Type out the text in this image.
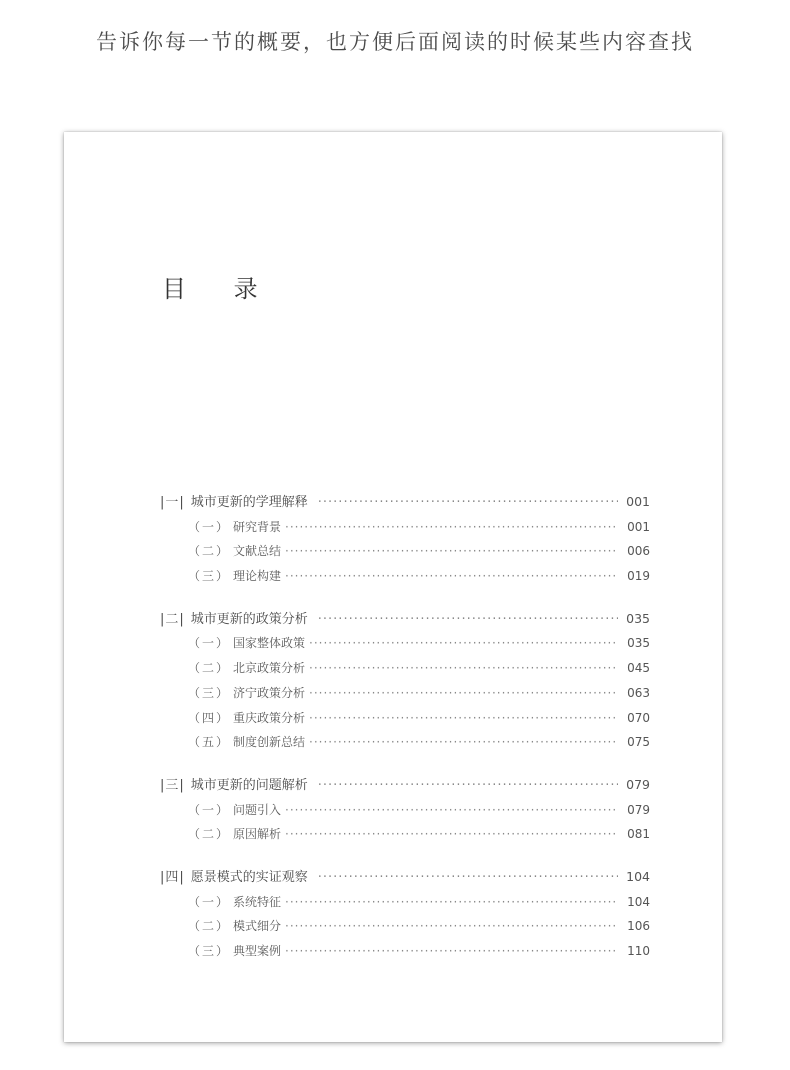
告诉你每一节的概要，也方便后面阅读的时候某些内容查找
目 录
|一| 城市更新的学理解释 ·····	001
（一） 研究背景 ·····	001
（二） 文献总结 ·····	006
（三） 理论构建 ·····	019
|二| 城市更新的政策分析 ·····	035
（一） 国家整体政策 ·····	035
（二） 北京政策分析 ·····	045
（三） 济宁政策分析 ·····	063
（四） 重庆政策分析 ·····	070
（五） 制度创新总结 ·····	075
|三| 城市更新的问题解析 ·····	079
（一） 问题引入 ·····	079
（二） 原因解析 ·····	081
|四| 愿景模式的实证观察 ·····	104
（一） 系统特征 ·····	104
（二） 模式细分 ·····	106
（三） 典型案例 ·····	110
